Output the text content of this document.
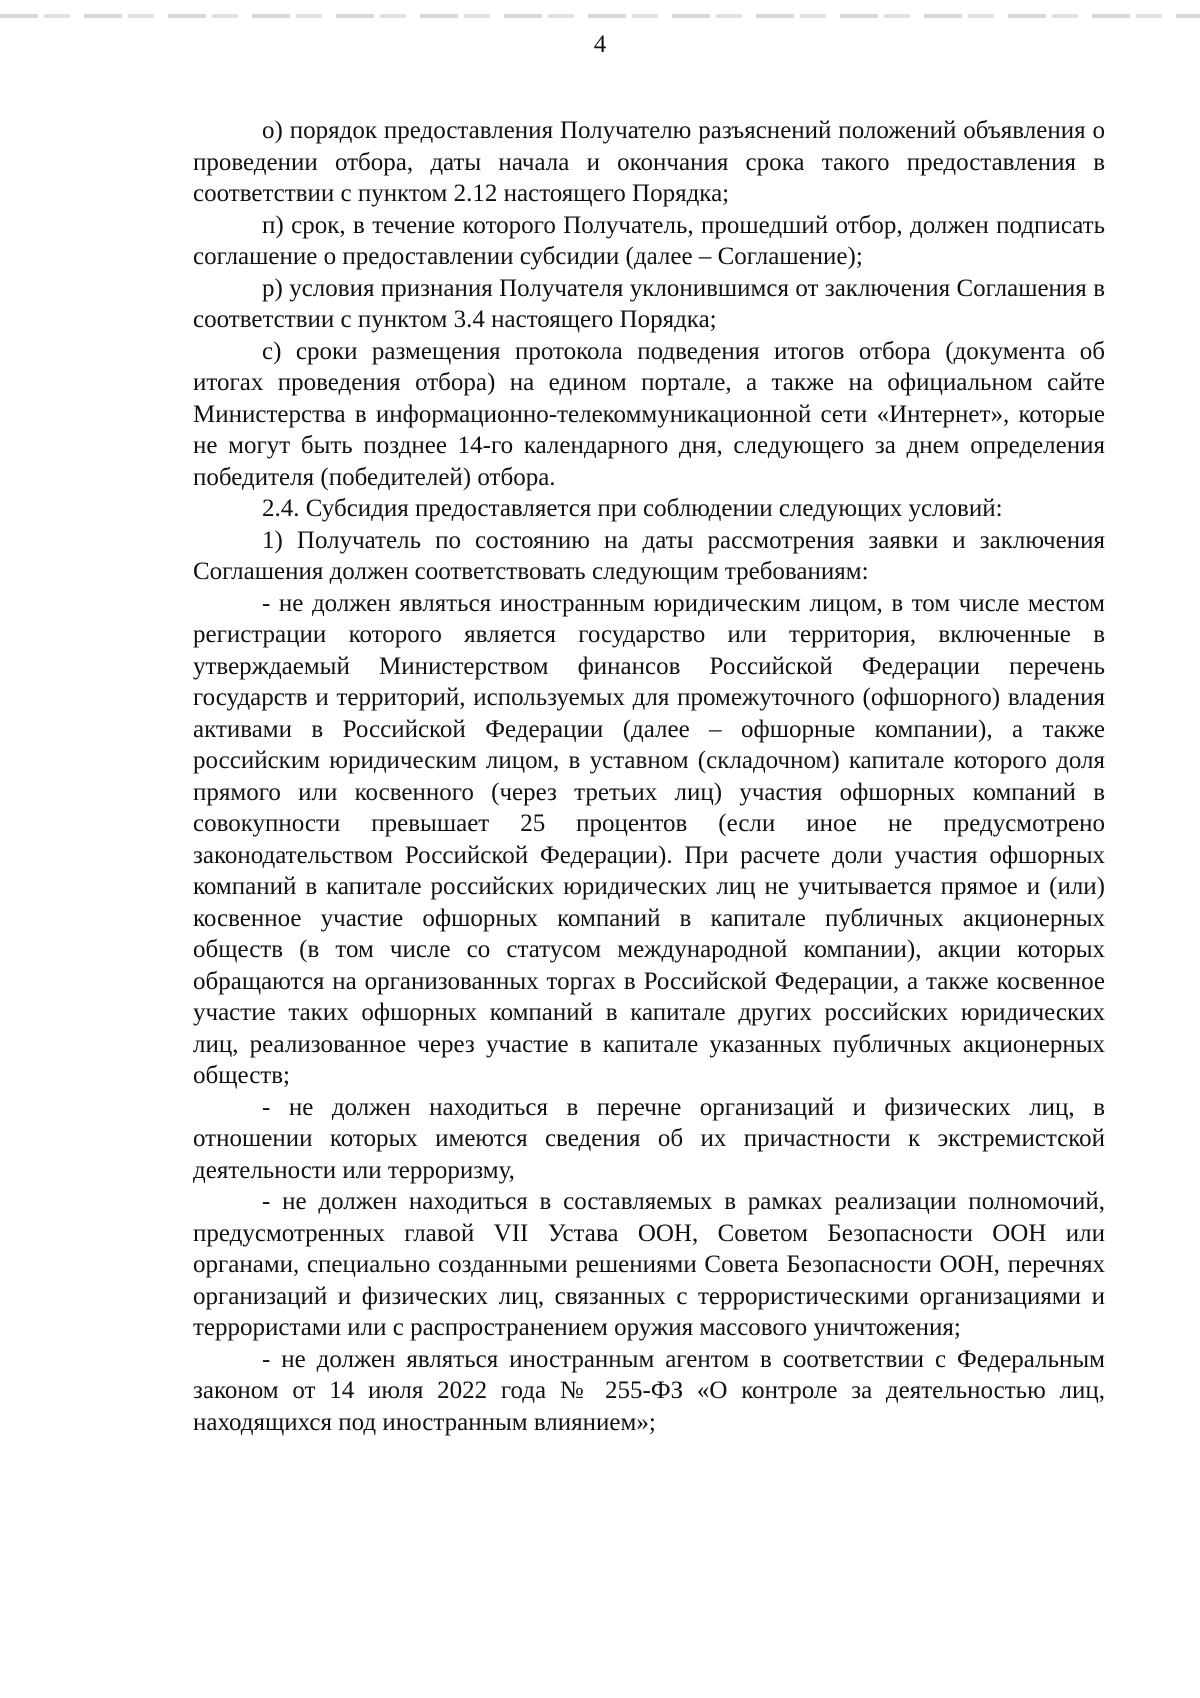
4

о) порядок предоставления Получателю разъяснений положений объявления о проведении отбора, даты начала и окончания срока такого предоставления в соответствии с пунктом 2.12 настоящего Порядка;

п) срок, в течение которого Получатель, прошедший отбор, должен подписать соглашение о предоставлении субсидии (далее – Соглашение);

р) условия признания Получателя уклонившимся от заключения Соглашения в соответствии с пунктом 3.4 настоящего Порядка;

с) сроки размещения протокола подведения итогов отбора (документа об итогах проведения отбора) на едином портале, а также на официальном сайте Министерства в информационно-телекоммуникационной сети «Интернет», которые не могут быть позднее 14-го календарного дня, следующего за днем определения победителя (победителей) отбора.

2.4. Субсидия предоставляется при соблюдении следующих условий:

1) Получатель по состоянию на даты рассмотрения заявки и заключения Соглашения должен соответствовать следующим требованиям:

- не должен являться иностранным юридическим лицом, в том числе местом регистрации которого является государство или территория, включенные в утверждаемый Министерством финансов Российской Федерации перечень государств и территорий, используемых для промежуточного (офшорного) владения активами в Российской Федерации (далее – офшорные компании), а также российским юридическим лицом, в уставном (складочном) капитале которого доля прямого или косвенного (через третьих лиц) участия офшорных компаний в совокупности превышает 25 процентов (если иное не предусмотрено законодательством Российской Федерации). При расчете доли участия офшорных компаний в капитале российских юридических лиц не учитывается прямое и (или) косвенное участие офшорных компаний в капитале публичных акционерных обществ (в том числе со статусом международной компании), акции которых обращаются на организованных торгах в Российской Федерации, а также косвенное участие таких офшорных компаний в капитале других российских юридических лиц, реализованное через участие в капитале указанных публичных акционерных обществ;

- не должен находиться в перечне организаций и физических лиц, в отношении которых имеются сведения об их причастности к экстремистской деятельности или терроризму,

- не должен находиться в составляемых в рамках реализации полномочий, предусмотренных главой VII Устава ООН, Советом Безопасности ООН или органами, специально созданными решениями Совета Безопасности ООН, перечнях организаций и физических лиц, связанных с террористическими организациями и террористами или с распространением оружия массового уничтожения;

- не должен являться иностранным агентом в соответствии с Федеральным законом от 14 июля 2022 года № 255-ФЗ «О контроле за деятельностью лиц, находящихся под иностранным влиянием»;
